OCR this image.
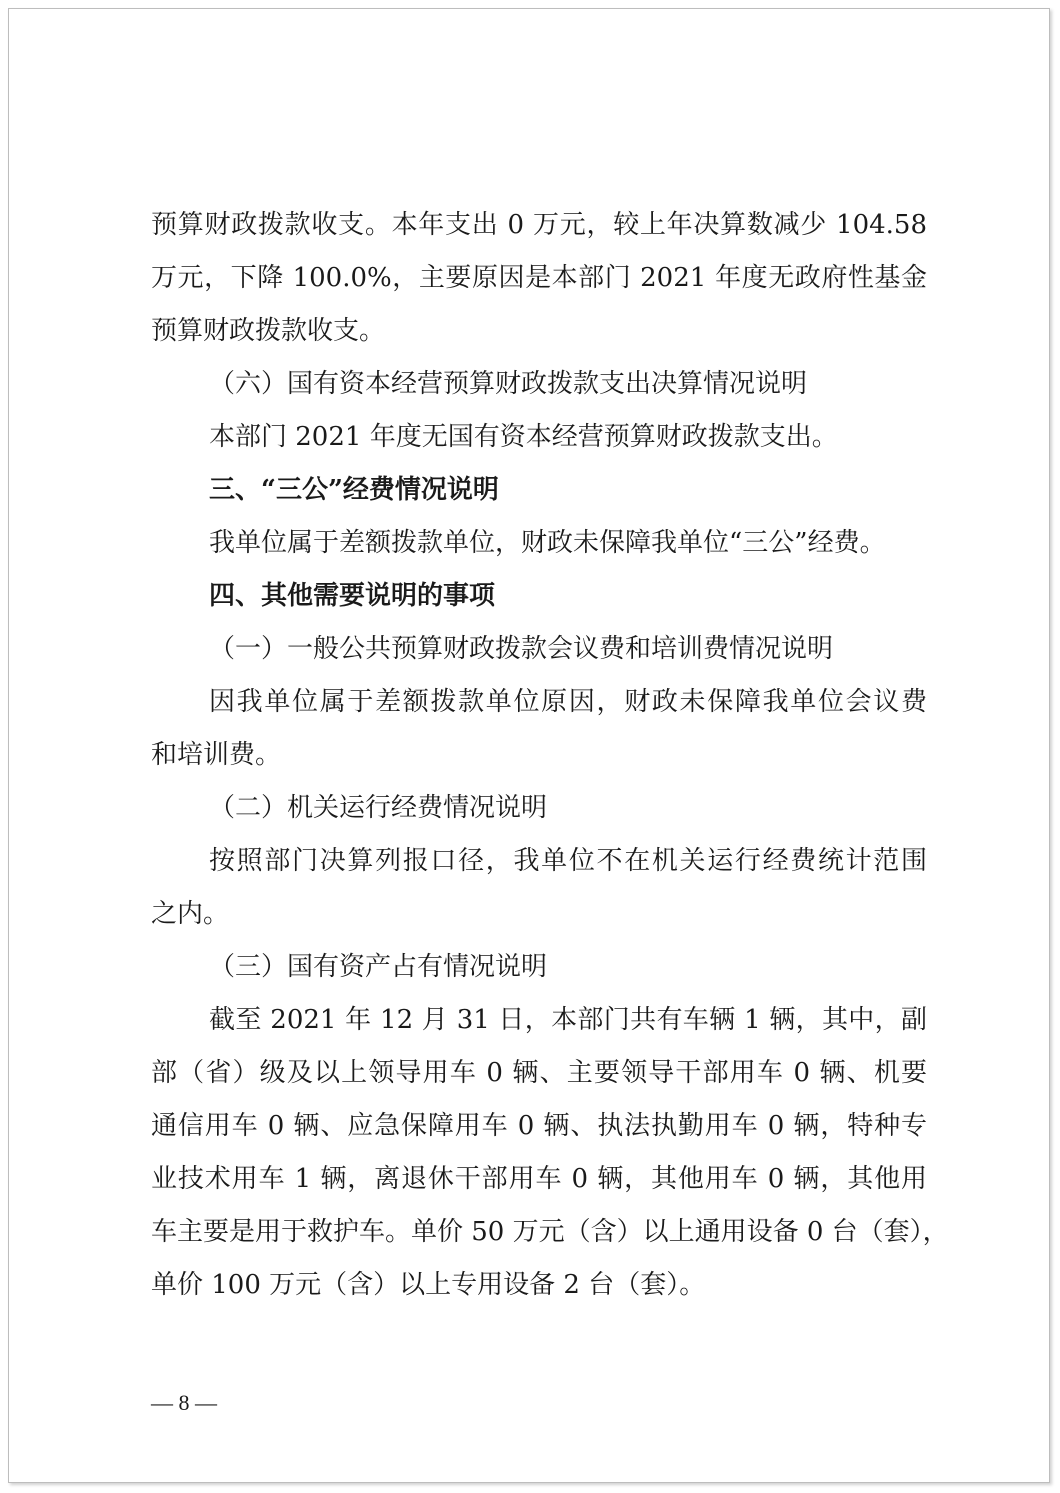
预算财政拨款收支。本年支出 0 万元，较上年决算数减少 104.58
万元，下降 100.0%，主要原因是本部门 2021 年度无政府性基金
预算财政拨款收支。
（六）国有资本经营预算财政拨款支出决算情况说明
本部门 2021 年度无国有资本经营预算财政拨款支出。
三、“三公”经费情况说明
我单位属于差额拨款单位，财政未保障我单位“三公”经费。
四、其他需要说明的事项
（一）一般公共预算财政拨款会议费和培训费情况说明
因我单位属于差额拨款单位原因，财政未保障我单位会议费
和培训费。
（二）机关运行经费情况说明
按照部门决算列报口径，我单位不在机关运行经费统计范围
之内。
（三）国有资产占有情况说明
截至 2021 年 12 月 31 日，本部门共有车辆 1 辆，其中，副
部（省）级及以上领导用车 0 辆、主要领导干部用车 0 辆、机要
通信用车 0 辆、应急保障用车 0 辆、执法执勤用车 0 辆，特种专
业技术用车 1 辆，离退休干部用车 0 辆，其他用车 0 辆，其他用
车主要是用于救护车。单价 50 万元（含）以上通用设备 0 台（套），
单价 100 万元（含）以上专用设备 2 台（套）。
— 8 —
